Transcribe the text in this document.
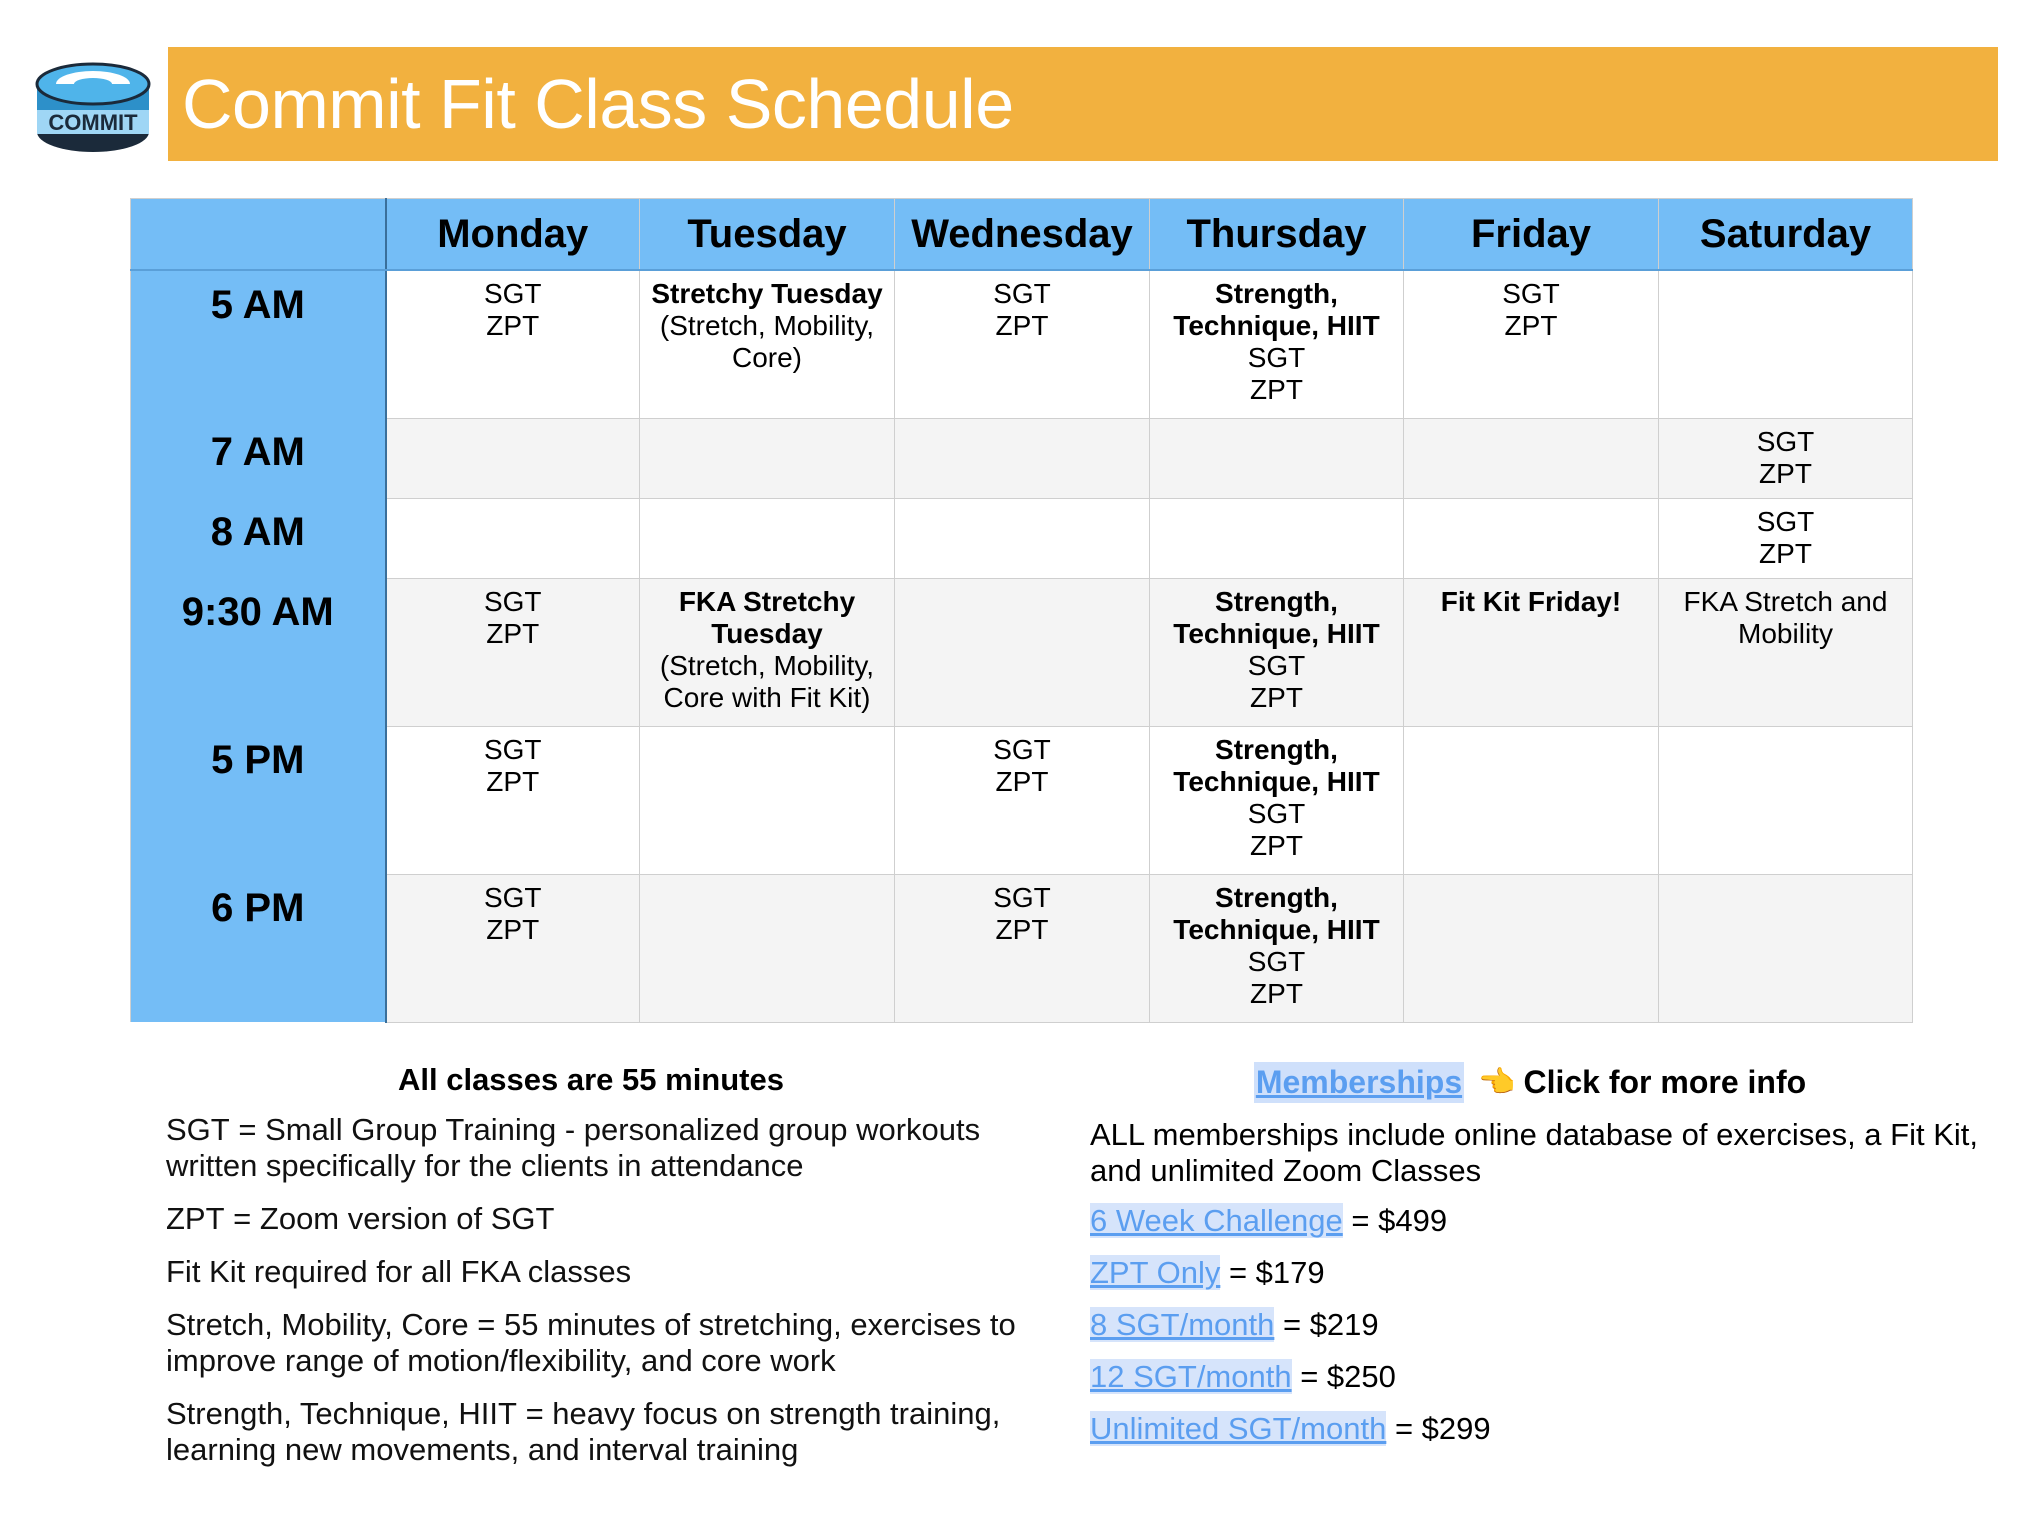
COMMIT Commit Fit Class Schedule
	Monday	Tuesday	Wednesday	Thursday	Friday	Saturday
5 AM	SGT
ZPT	Stretchy Tuesday
(Stretch, Mobility,
Core)	SGT
ZPT	Strength,
Technique, HIIT
SGT
ZPT	SGT
ZPT	

7 AM						SGT
ZPT

8 AM						SGT
ZPT

9:30 AM	SGT
ZPT	FKA Stretchy
Tuesday
(Stretch, Mobility,
Core with Fit Kit)		Strength,
Technique, HIIT
SGT
ZPT	Fit Kit Friday!	FKA Stretch and
Mobility

5 PM	SGT
ZPT		SGT
ZPT	Strength,
Technique, HIIT
SGT
ZPT		

6 PM	SGT
ZPT		SGT
ZPT	Strength,
Technique, HIIT
SGT
ZPT		

All classes are 55 minutes

SGT = Small Group Training - personalized group workouts written specifically for the clients in attendance

ZPT = Zoom version of SGT

Fit Kit required for all FKA classes

Stretch, Mobility, Core = 55 minutes of stretching, exercises to improve range of motion/flexibility, and core work

Strength, Technique, HIIT = heavy focus on strength training, learning new movements, and interval training

Memberships 👈 Click for more info

ALL memberships include online database of exercises, a Fit Kit, and unlimited Zoom Classes

6 Week Challenge = $499

ZPT Only = $179

8 SGT/month = $219

12 SGT/month = $250

Unlimited SGT/month = $299
